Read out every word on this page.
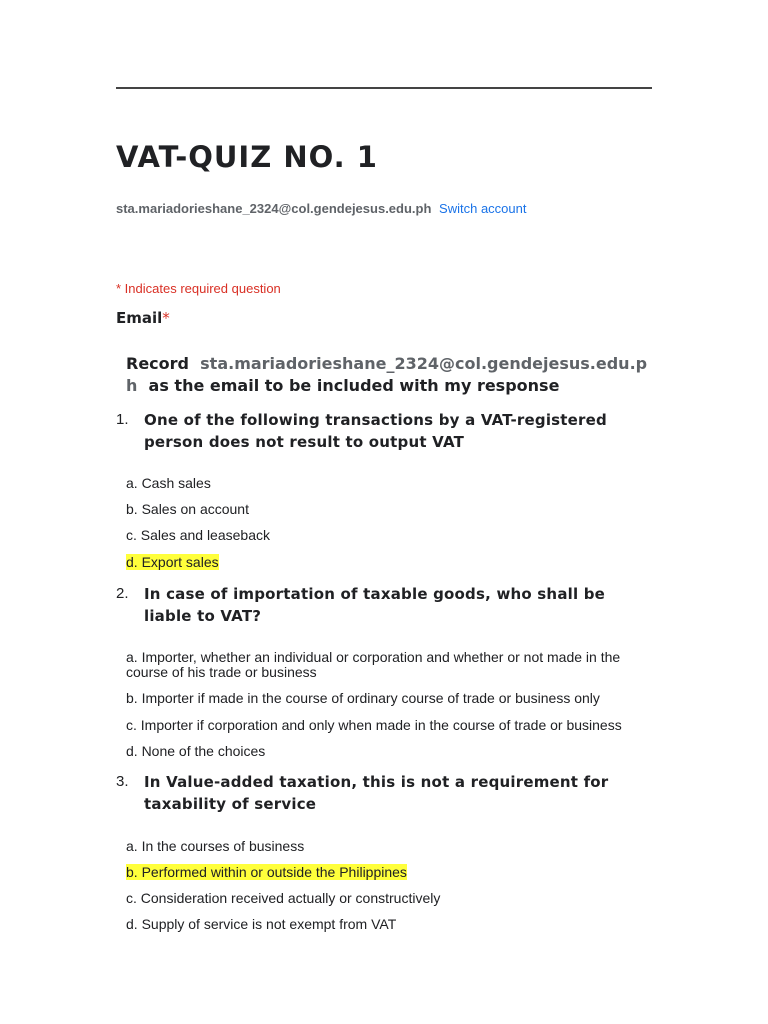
VAT-QUIZ NO. 1
sta.mariadorieshane_2324@col.gendejesus.edu.ph Switch account
* Indicates required question
Email*
Record sta.mariadorieshane_2324@col.gendejesus.edu.ph as the email to be included with my response
1. One of the following transactions by a VAT-registered person does not result to output VAT
a. Cash sales
b. Sales on account
c. Sales and leaseback
d. Export sales
2. In case of importation of taxable goods, who shall be liable to VAT?
a. Importer, whether an individual or corporation and whether or not made in the course of his trade or business
b. Importer if made in the course of ordinary course of trade or business only
c. Importer if corporation and only when made in the course of trade or business
d. None of the choices
3. In Value-added taxation, this is not a requirement for taxability of service
a. In the courses of business
b. Performed within or outside the Philippines
c. Consideration received actually or constructively
d. Supply of service is not exempt from VAT
